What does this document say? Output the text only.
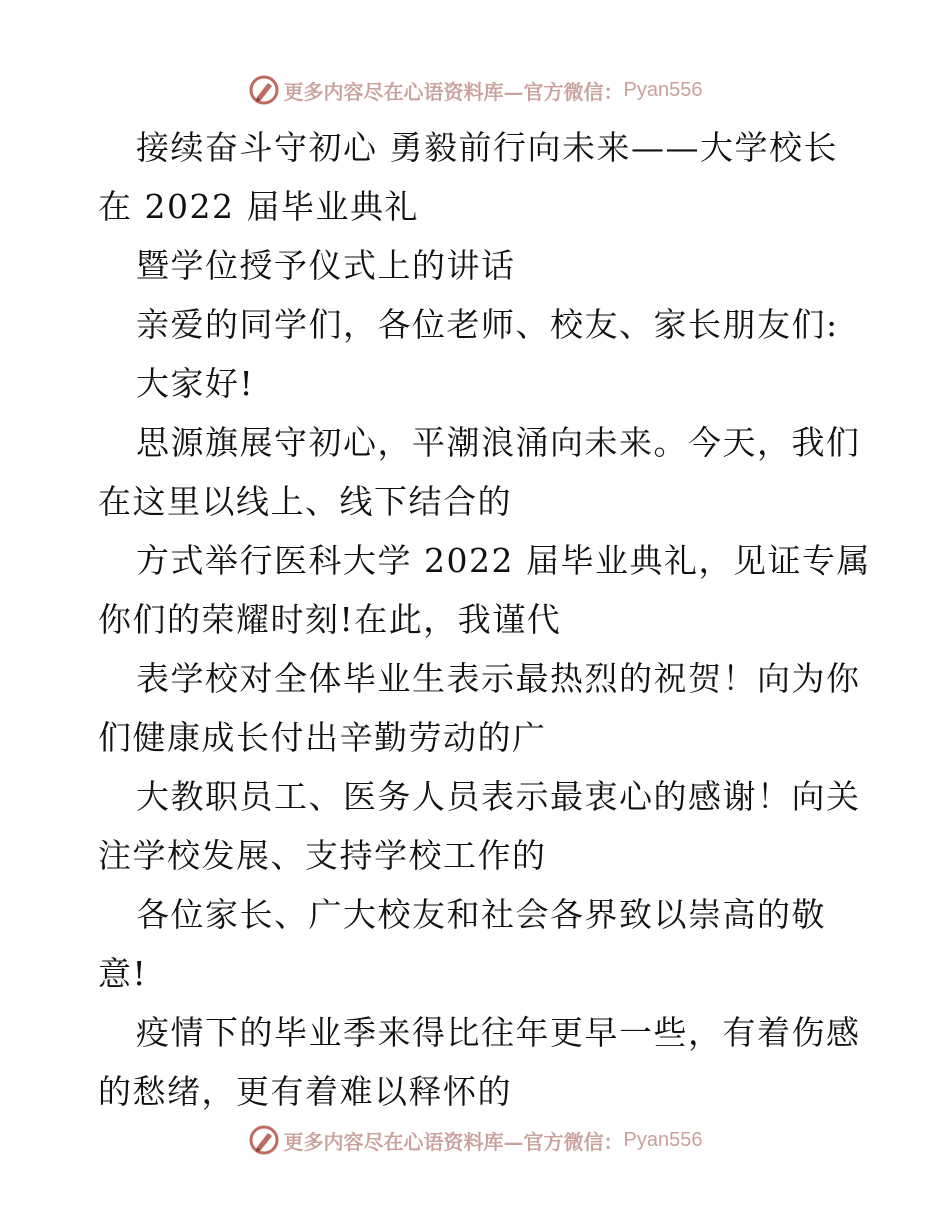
更多内容尽在心语资料库—官方微信： Pyan556
接续奋斗守初心 勇毅前行向未来——大学校长
在 2022 届毕业典礼
暨学位授予仪式上的讲话
亲爱的同学们，各位老师、校友、家长朋友们:
大家好!
思源旗展守初心，平潮浪涌向未来。今天，我们
在这里以线上、线下结合的
方式举行医科大学 2022 届毕业典礼，见证专属
你们的荣耀时刻!在此，我谨代
表学校对全体毕业生表示最热烈的祝贺！向为你
们健康成长付出辛勤劳动的广
大教职员工、医务人员表示最衷心的感谢！向关
注学校发展、支持学校工作的
各位家长、广大校友和社会各界致以崇高的敬
意!
疫情下的毕业季来得比往年更早一些，有着伤感
的愁绪，更有着难以释怀的
更多内容尽在心语资料库—官方微信： Pyan556
